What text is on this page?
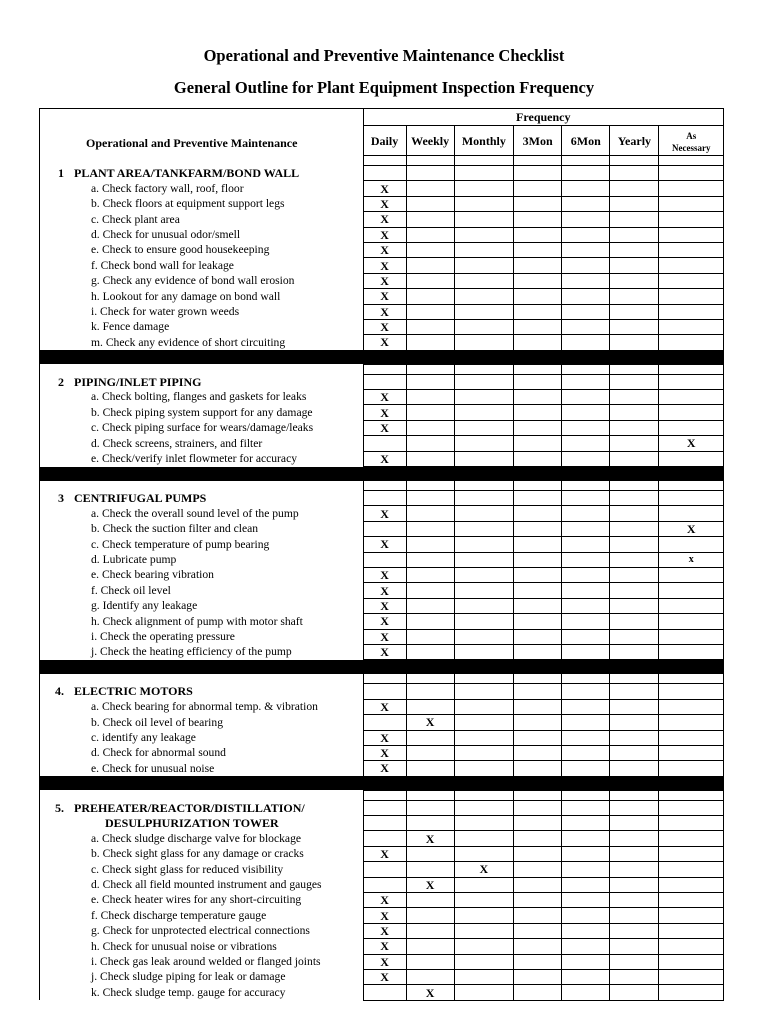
Operational and Preventive Maintenance Checklist
General Outline for Plant Equipment Inspection Frequency
	Frequency						
Operational and Preventive Maintenance	Daily	Weekly	Monthly	3Mon	6Mon	Yearly	As
Necessary

1 PLANT AREA/TANKFARM/BOND WALL							
a. Check factory wall, roof, floor	X						
b. Check floors at equipment support legs	X						
c. Check plant area	X						
d. Check for unusual odor/smell	X						
e. Check to ensure good housekeeping	X						
f. Check bond wall for leakage	X						
g. Check any evidence of bond wall erosion	X						
h. Lookout for any damage on bond wall	X						
i. Check for water grown weeds	X						
k. Fence damage	X						
m. Check any evidence of short circuiting	X						

2 PIPING/INLET PIPING							
a. Check bolting, flanges and gaskets for leaks	X						
b. Check piping system support for any damage	X						
c. Check piping surface for wears/damage/leaks	X						
d. Check screens, strainers, and filter							X
e. Check/verify inlet flowmeter for accuracy	X						

3 CENTRIFUGAL PUMPS							
a. Check the overall sound level of the pump	X						
b. Check the suction filter and clean							X
c. Check temperature of pump bearing	X						
d. Lubricate pump							x
e. Check bearing vibration	X						
f. Check oil level	X						
g. Identify any leakage	X						
h. Check alignment of pump with motor shaft	X						
i. Check the operating pressure	X						
j. Check the heating efficiency of the pump	X						

4. ELECTRIC MOTORS							
a. Check bearing for abnormal temp. & vibration	X						
b. Check oil level of bearing		X					
c. identify any leakage	X						
d. Check for abnormal sound	X						
e. Check for unusual noise	X						

5. PREHEATER/REACTOR/DISTILLATION/							
DESULPHURIZATION TOWER							
a. Check sludge discharge valve for blockage		X					
b. Check sight glass for any damage or cracks	X						
c. Check sight glass for reduced visibility			X				
d. Check all field mounted instrument and gauges		X					
e. Check heater wires for any short-circuiting	X						
f. Check discharge temperature gauge	X						
g. Check for unprotected electrical connections	X						
h. Check for unusual noise or vibrations	X						
i. Check gas leak around welded or flanged joints	X						
j. Check sludge piping for leak or damage	X						
k. Check sludge temp. gauge for accuracy		X					
